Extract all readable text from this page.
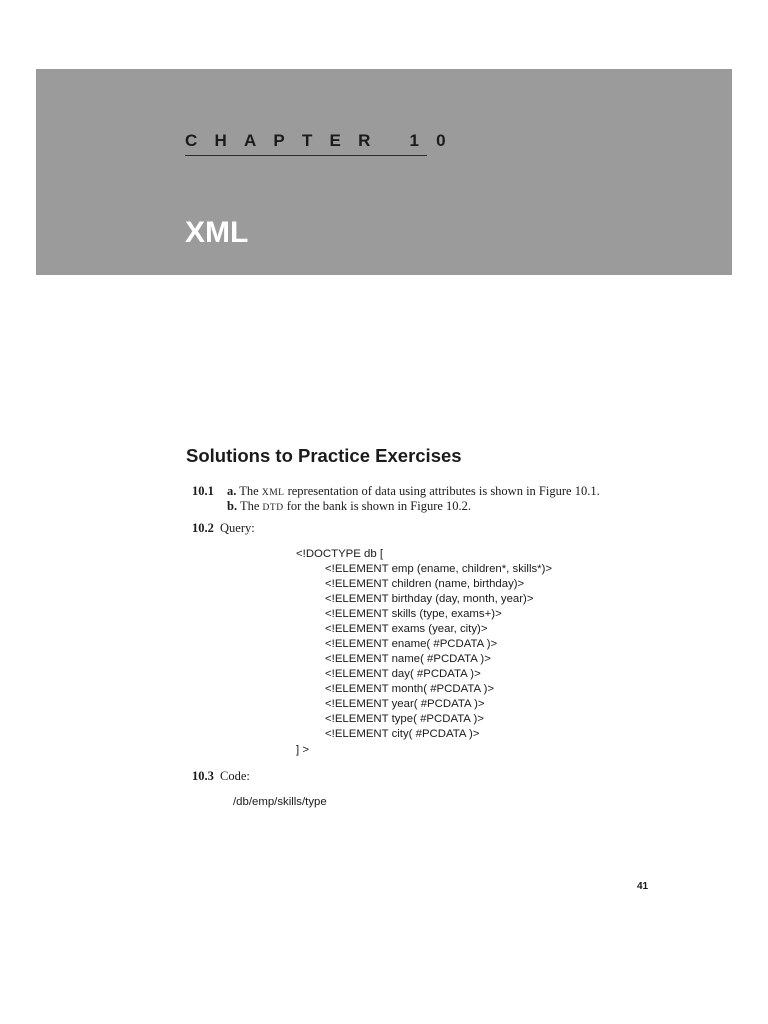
CHAPTER 10
XML
Solutions to Practice Exercises
10.1 a. The XML representation of data using attributes is shown in Figure 10.1.
b. The DTD for the bank is shown in Figure 10.2.
10.2 Query:
<!DOCTYPE db [
<!ELEMENT emp (ename, children*, skills*)>
<!ELEMENT children (name, birthday)>
<!ELEMENT birthday (day, month, year)>
<!ELEMENT skills (type, exams+)>
<!ELEMENT exams (year, city)>
<!ELEMENT ename( #PCDATA )>
<!ELEMENT name( #PCDATA )>
<!ELEMENT day( #PCDATA )>
<!ELEMENT month( #PCDATA )>
<!ELEMENT year( #PCDATA )>
<!ELEMENT type( #PCDATA )>
<!ELEMENT city( #PCDATA )>
] >
10.3 Code:
/db/emp/skills/type
41
